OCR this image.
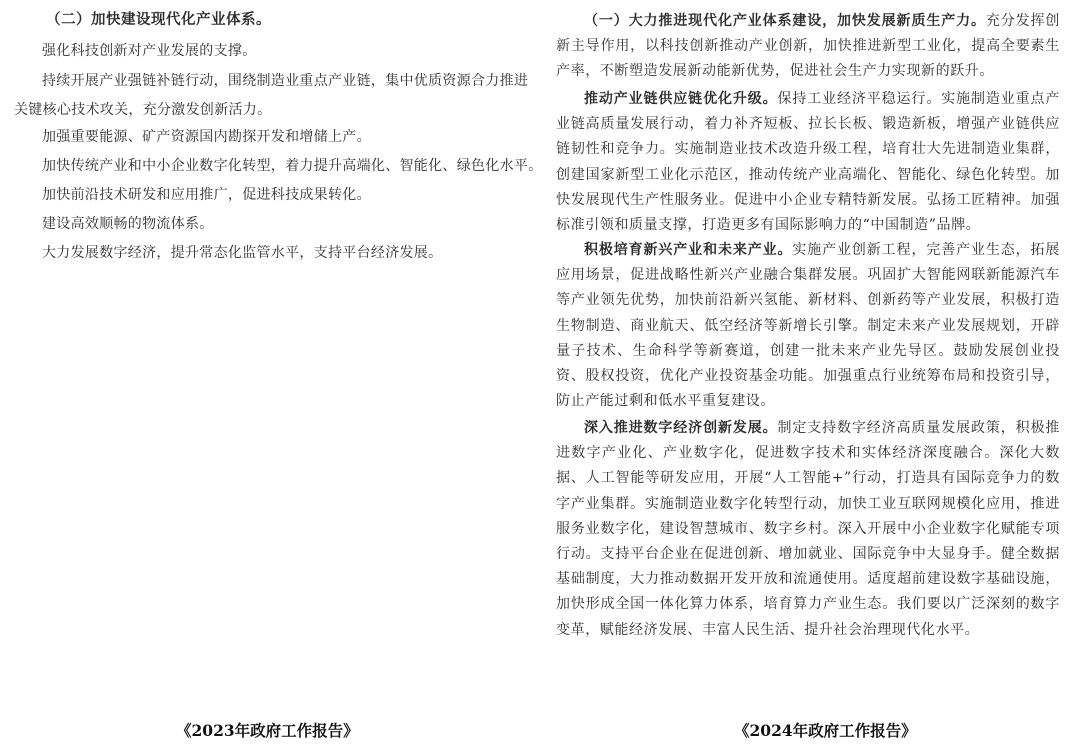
（二）加快建设现代化产业体系。
强化科技创新对产业发展的支撑。
持续开展产业强链补链行动，围绕制造业重点产业链，集中优质资源合力推进关键核心技术攻关，充分激发创新活力。
加强重要能源、矿产资源国内勘探开发和增储上产。
加快传统产业和中小企业数字化转型，着力提升高端化、智能化、绿色化水平。
加快前沿技术研发和应用推广，促进科技成果转化。
建设高效顺畅的物流体系。
大力发展数字经济，提升常态化监管水平，支持平台经济发展。
（一）大力推进现代化产业体系建设，加快发展新质生产力。充分发挥创新主导作用，以科技创新推动产业创新，加快推进新型工业化，提高全要素生产率，不断塑造发展新动能新优势，促进社会生产力实现新的跃升。
推动产业链供应链优化升级。保持工业经济平稳运行。实施制造业重点产业链高质量发展行动，着力补齐短板、拉长长板、锻造新板，增强产业链供应链韧性和竞争力。实施制造业技术改造升级工程，培育壮大先进制造业集群，创建国家新型工业化示范区，推动传统产业高端化、智能化、绿色化转型。加快发展现代生产性服务业。促进中小企业专精特新发展。弘扬工匠精神。加强标准引领和质量支撑，打造更多有国际影响力的“中国制造”品牌。
积极培育新兴产业和未来产业。实施产业创新工程，完善产业生态，拓展应用场景，促进战略性新兴产业融合集群发展。巩固扩大智能网联新能源汽车等产业领先优势，加快前沿新兴氢能、新材料、创新药等产业发展，积极打造生物制造、商业航天、低空经济等新增长引擎。制定未来产业发展规划，开辟量子技术、生命科学等新赛道，创建一批未来产业先导区。鼓励发展创业投资、股权投资，优化产业投资基金功能。加强重点行业统筹布局和投资引导，防止产能过剩和低水平重复建设。
深入推进数字经济创新发展。制定支持数字经济高质量发展政策，积极推进数字产业化、产业数字化，促进数字技术和实体经济深度融合。深化大数据、人工智能等研发应用，开展“人工智能+”行动，打造具有国际竞争力的数字产业集群。实施制造业数字化转型行动，加快工业互联网规模化应用，推进服务业数字化，建设智慧城市、数字乡村。深入开展中小企业数字化赋能专项行动。支持平台企业在促进创新、增加就业、国际竞争中大显身手。健全数据基础制度，大力推动数据开发开放和流通使用。适度超前建设数字基础设施，加快形成全国一体化算力体系，培育算力产业生态。我们要以广泛深刻的数字变革，赋能经济发展、丰富人民生活、提升社会治理现代化水平。
《2023年政府工作报告》	《2024年政府工作报告》
